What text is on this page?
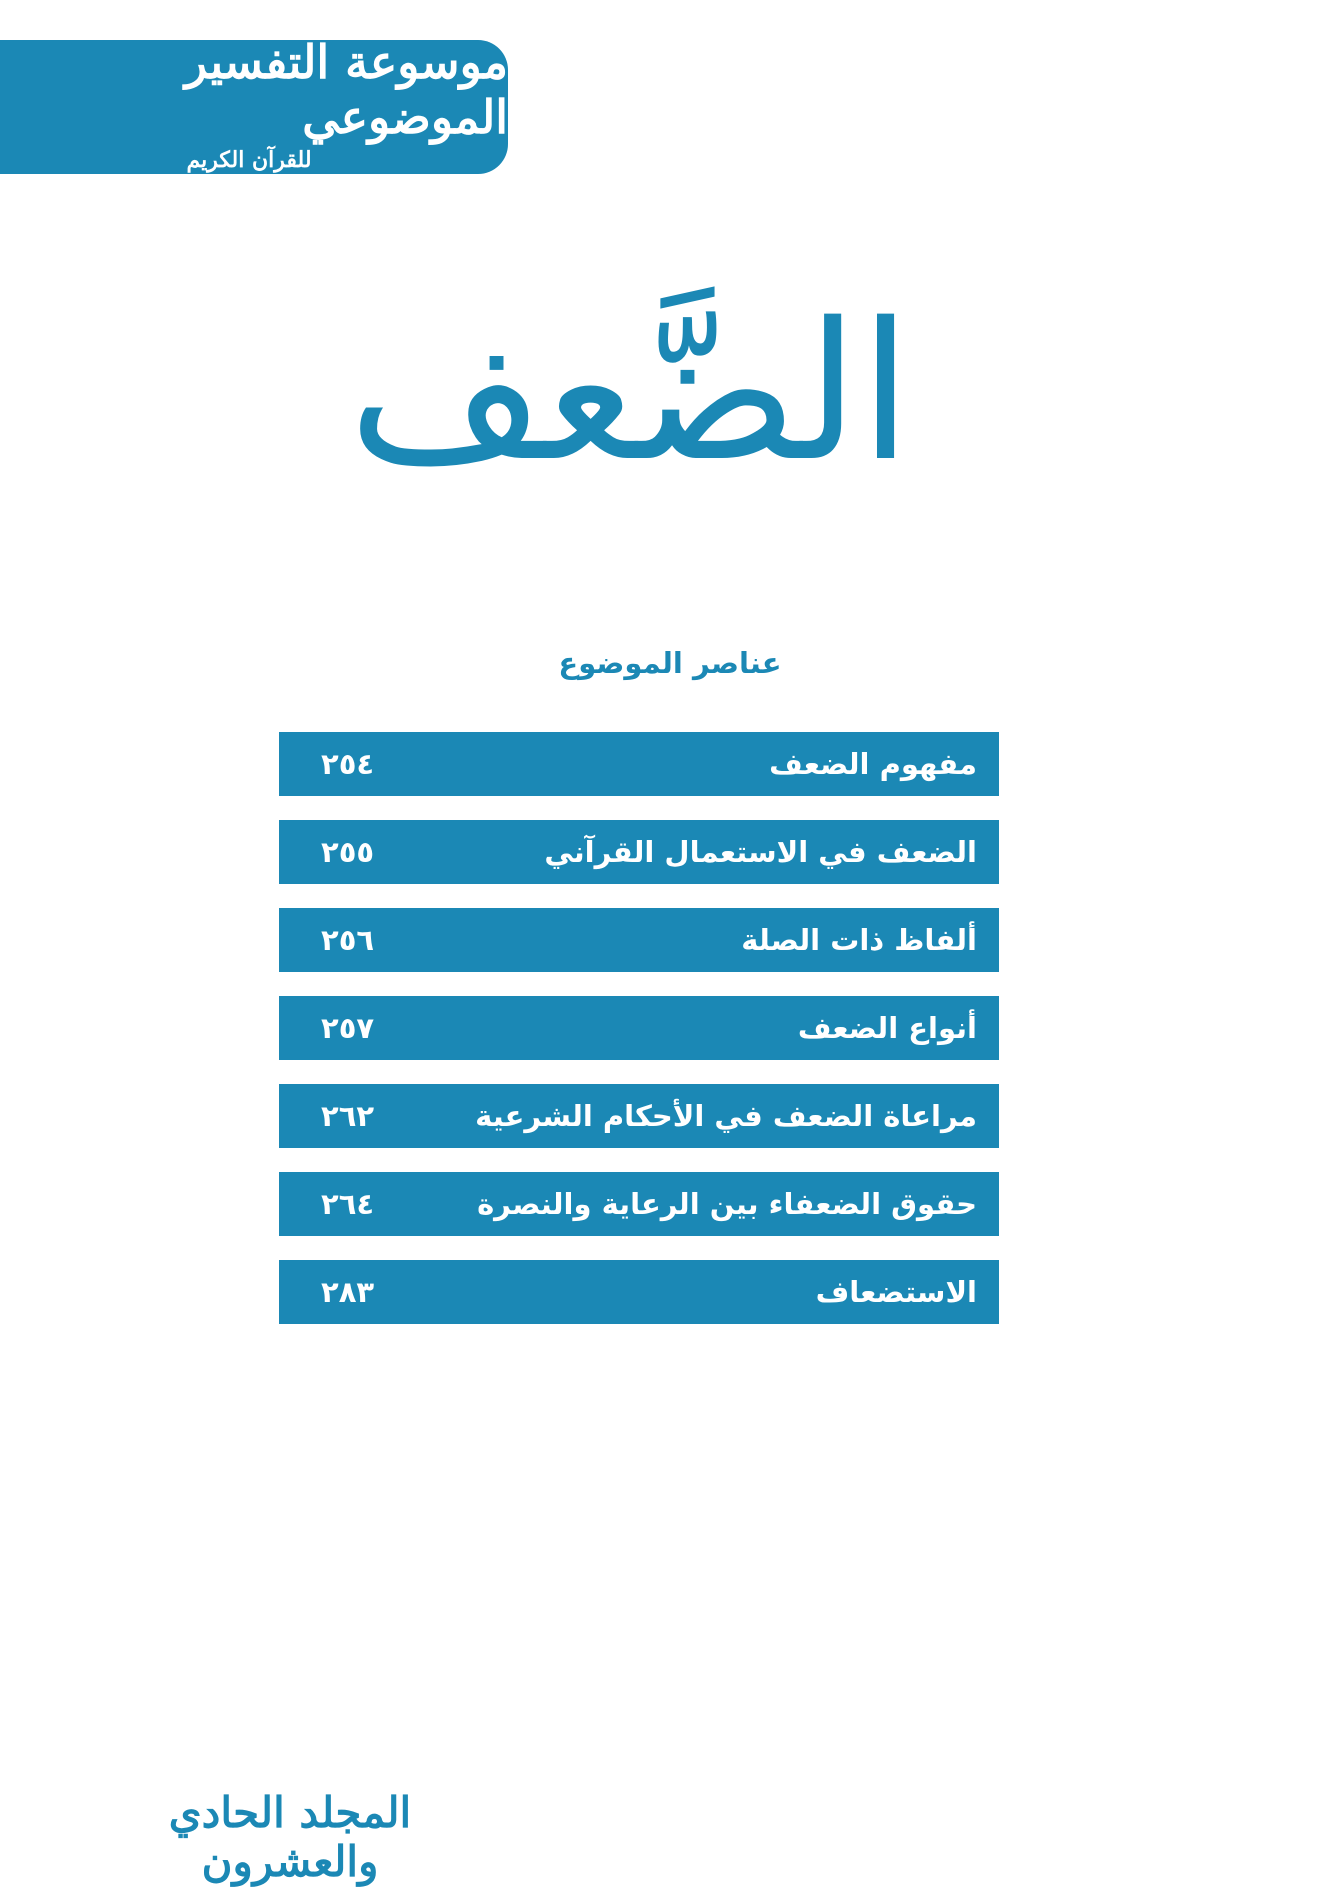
موسوعة التفسير الموضوعي
للقرآن الكريم
الضَّعف
عناصر الموضوع
٢٥٤	مفهوم الضعف
٢٥٥	الضعف في الاستعمال القرآني
٢٥٦	ألفاظ ذات الصلة
٢٥٧	أنواع الضعف
٢٦٢	مراعاة الضعف في الأحكام الشرعية
٢٦٤	حقوق الضعفاء بين الرعاية والنصرة
٢٨٣	الاستضعاف
المجلد الحادي والعشرون
